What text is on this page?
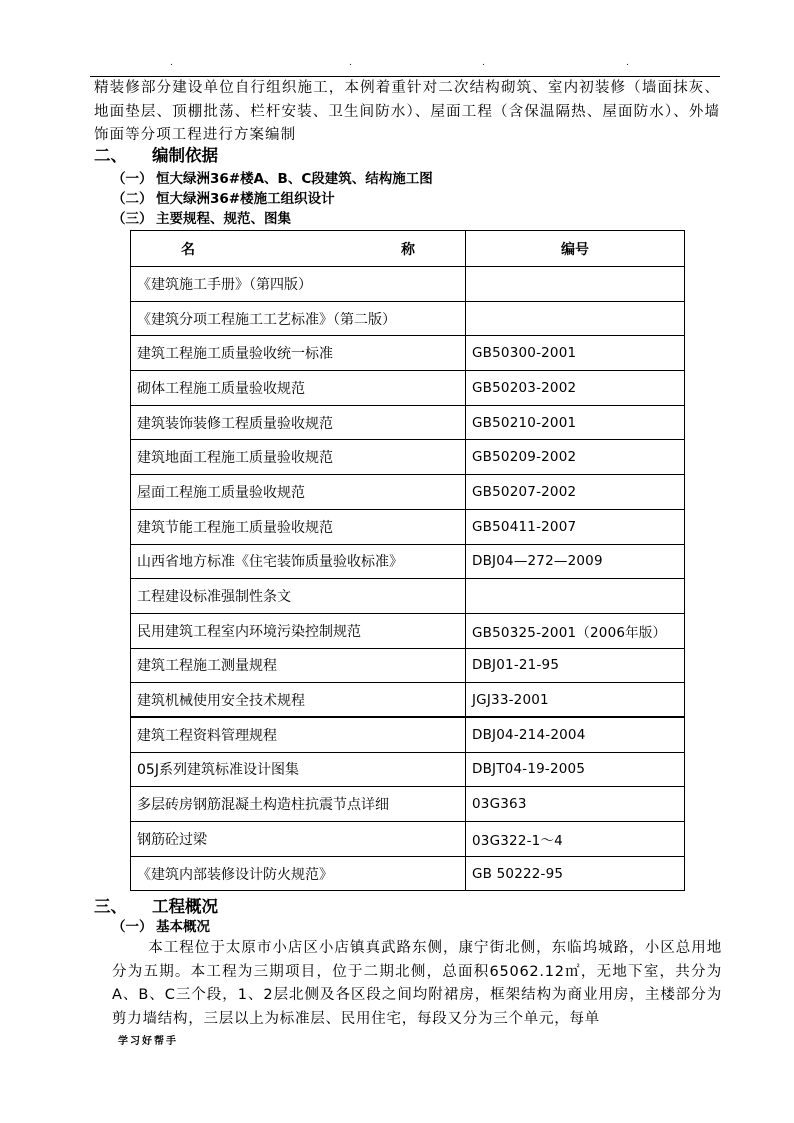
.	.	.	.

精装修部分建设单位自行组织施工，本例着重针对二次结构砌筑、室内初装修（墙面抹灰、地面垫层、顶棚批荡、栏杆安装、卫生间防水）、屋面工程（含保温隔热、屋面防水）、外墙饰面等分项工程进行方案编制

二、 编制依据
（一） 恒大绿洲36#楼A、B、C段建筑、结构施工图
（二） 恒大绿洲36#楼施工组织设计
（三） 主要规程、规范、图集
名 称	编号
《建筑施工手册》（第四版）	
《建筑分项工程施工工艺标准》（第二版）	
建筑工程施工质量验收统一标准	GB50300-2001
砌体工程施工质量验收规范	GB50203-2002
建筑装饰装修工程质量验收规范	GB50210-2001
建筑地面工程施工质量验收规范	GB50209-2002
屋面工程施工质量验收规范	GB50207-2002
建筑节能工程施工质量验收规范	GB50411-2007
山西省地方标准《住宅装饰质量验收标准》	DBJ04—272—2009
工程建设标准强制性条文	
民用建筑工程室内环境污染控制规范	GB50325-2001（2006年版）
建筑工程施工测量规程	DBJ01-21-95
建筑机械使用安全技术规程	JGJ33-2001
建筑工程资料管理规程	DBJ04-214-2004
05J系列建筑标准设计图集	DBJT04-19-2005
多层砖房钢筋混凝土构造柱抗震节点详细	03G363
钢筋砼过梁	03G322-1～4
《建筑内部装修设计防火规范》	GB 50222-95
三、 工程概况
（一） 基本概况

本工程位于太原市小店区小店镇真武路东侧，康宁街北侧，东临坞城路，小区总用地分为五期。本工程为三期项目，位于二期北侧，总面积65062.12㎡，无地下室，共分为A、B、C三个段，1、2层北侧及各区段之间均附裙房，框架结构为商业用房，主楼部分为剪力墙结构，三层以上为标准层、民用住宅，每段又分为三个单元，每单

学习好帮手
